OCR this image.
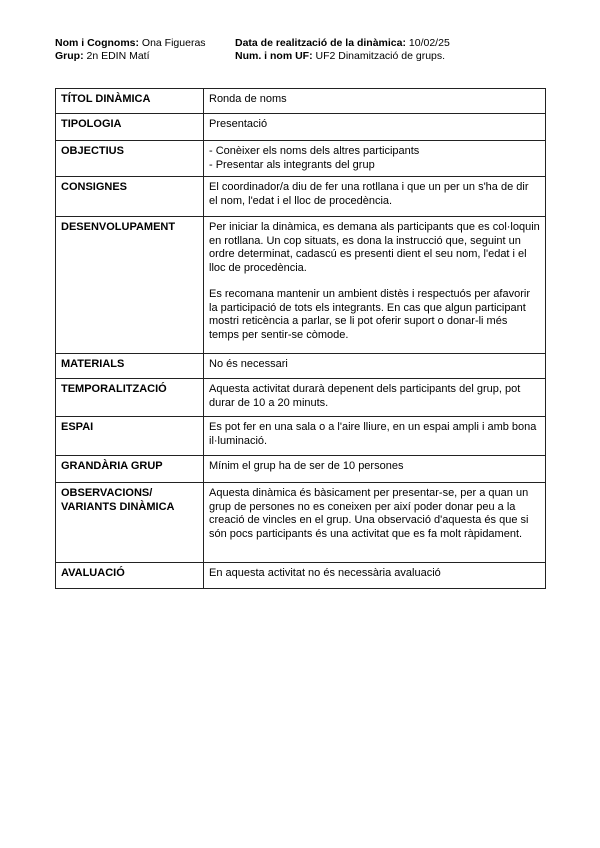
Nom i Cognoms: Ona Figueras
Grup: 2n EDIN Matí
Data de realització de la dinàmica: 10/02/25
Num. i nom UF: UF2 Dinamització de grups.
TÍTOL DINÀMICA	Ronda de noms

TIPOLOGIA	Presentació

OBJECTIUS	- Conèixer els noms dels altres participants
- Presentar als integrants del grup

CONSIGNES	El coordinador/a diu de fer una rotllana i que un per un s'ha de dir el nom, l'edat i el lloc de procedència.

DESENVOLUPAMENT	Per iniciar la dinàmica, es demana als participants que es col·loquin en rotllana. Un cop situats, es dona la instrucció que, seguint un ordre determinat, cadascú es presenti dient el seu nom, l'edat i el lloc de procedència.

Es recomana mantenir un ambient distès i respectuós per afavorir la participació de tots els integrants. En cas que algun participant mostri reticència a parlar, se li pot oferir suport o donar-li més temps per sentir-se còmode.

MATERIALS	No és necessari

TEMPORALITZACIÓ	Aquesta activitat durarà depenent dels participants del grup, pot durar de 10 a 20 minuts.

ESPAI	Es pot fer en una sala o a l'aire lliure, en un espai ampli i amb bona il·luminació.

GRANDÀRIA GRUP	Mínim el grup ha de ser de 10 persones

OBSERVACIONS/ VARIANTS DINÀMICA	Aquesta dinàmica és bàsicament per presentar-se, per a quan un grup de persones no es coneixen per així poder donar peu a la creació de vincles en el grup. Una observació d'aquesta és que si són pocs participants és una activitat que es fa molt ràpidament.

AVALUACIÓ	En aquesta activitat no és necessària avaluació
